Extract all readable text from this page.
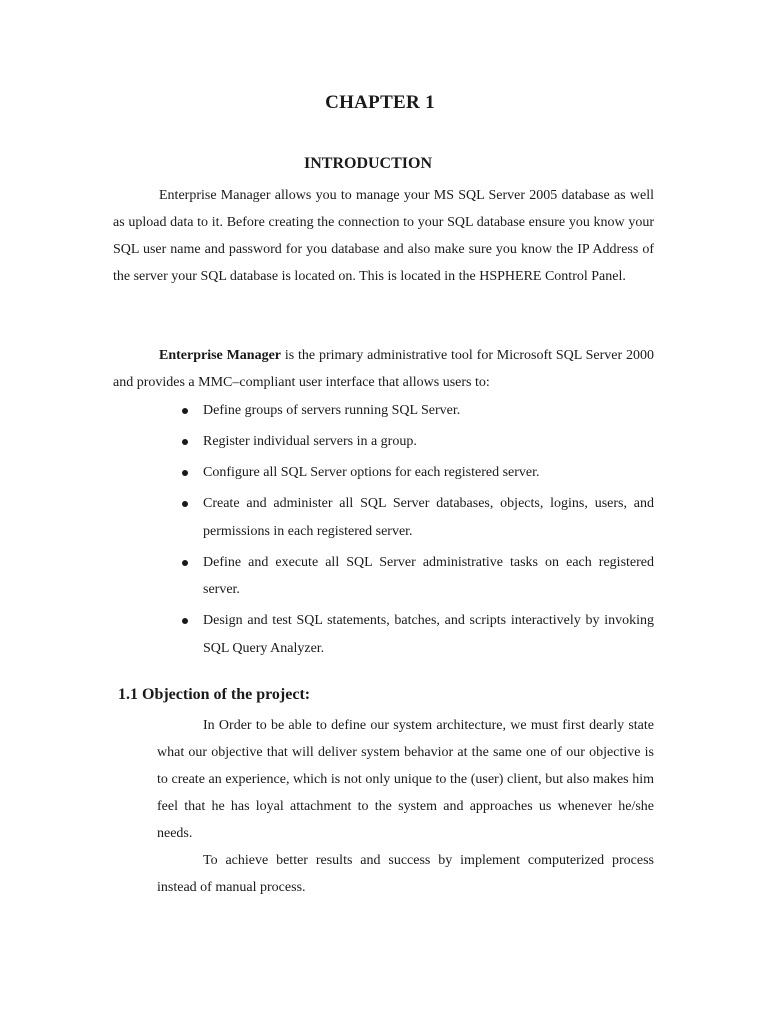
CHAPTER 1
INTRODUCTION

Enterprise Manager allows you to manage your MS SQL Server 2005 database as well as upload data to it. Before creating the connection to your SQL database ensure you know your SQL user name and password for you database and also make sure you know the IP Address of the server your SQL database is located on. This is located in the HSPHERE Control Panel.

Enterprise Manager is the primary administrative tool for Microsoft SQL Server 2000 and provides a MMC–compliant user interface that allows users to:

Define groups of servers running SQL Server.
Register individual servers in a group.
Configure all SQL Server options for each registered server.
Create and administer all SQL Server databases, objects, logins, users, and permissions in each registered server.
Define and execute all SQL Server administrative tasks on each registered server.
Design and test SQL statements, batches, and scripts interactively by invoking SQL Query Analyzer.
1.1 Objection of the project:

In Order to be able to define our system architecture, we must first dearly state what our objective that will deliver system behavior at the same one of our objective is to create an experience, which is not only unique to the (user) client, but also makes him feel that he has loyal attachment to the system and approaches us whenever he/she needs.

To achieve better results and success by implement computerized process instead of manual process.
